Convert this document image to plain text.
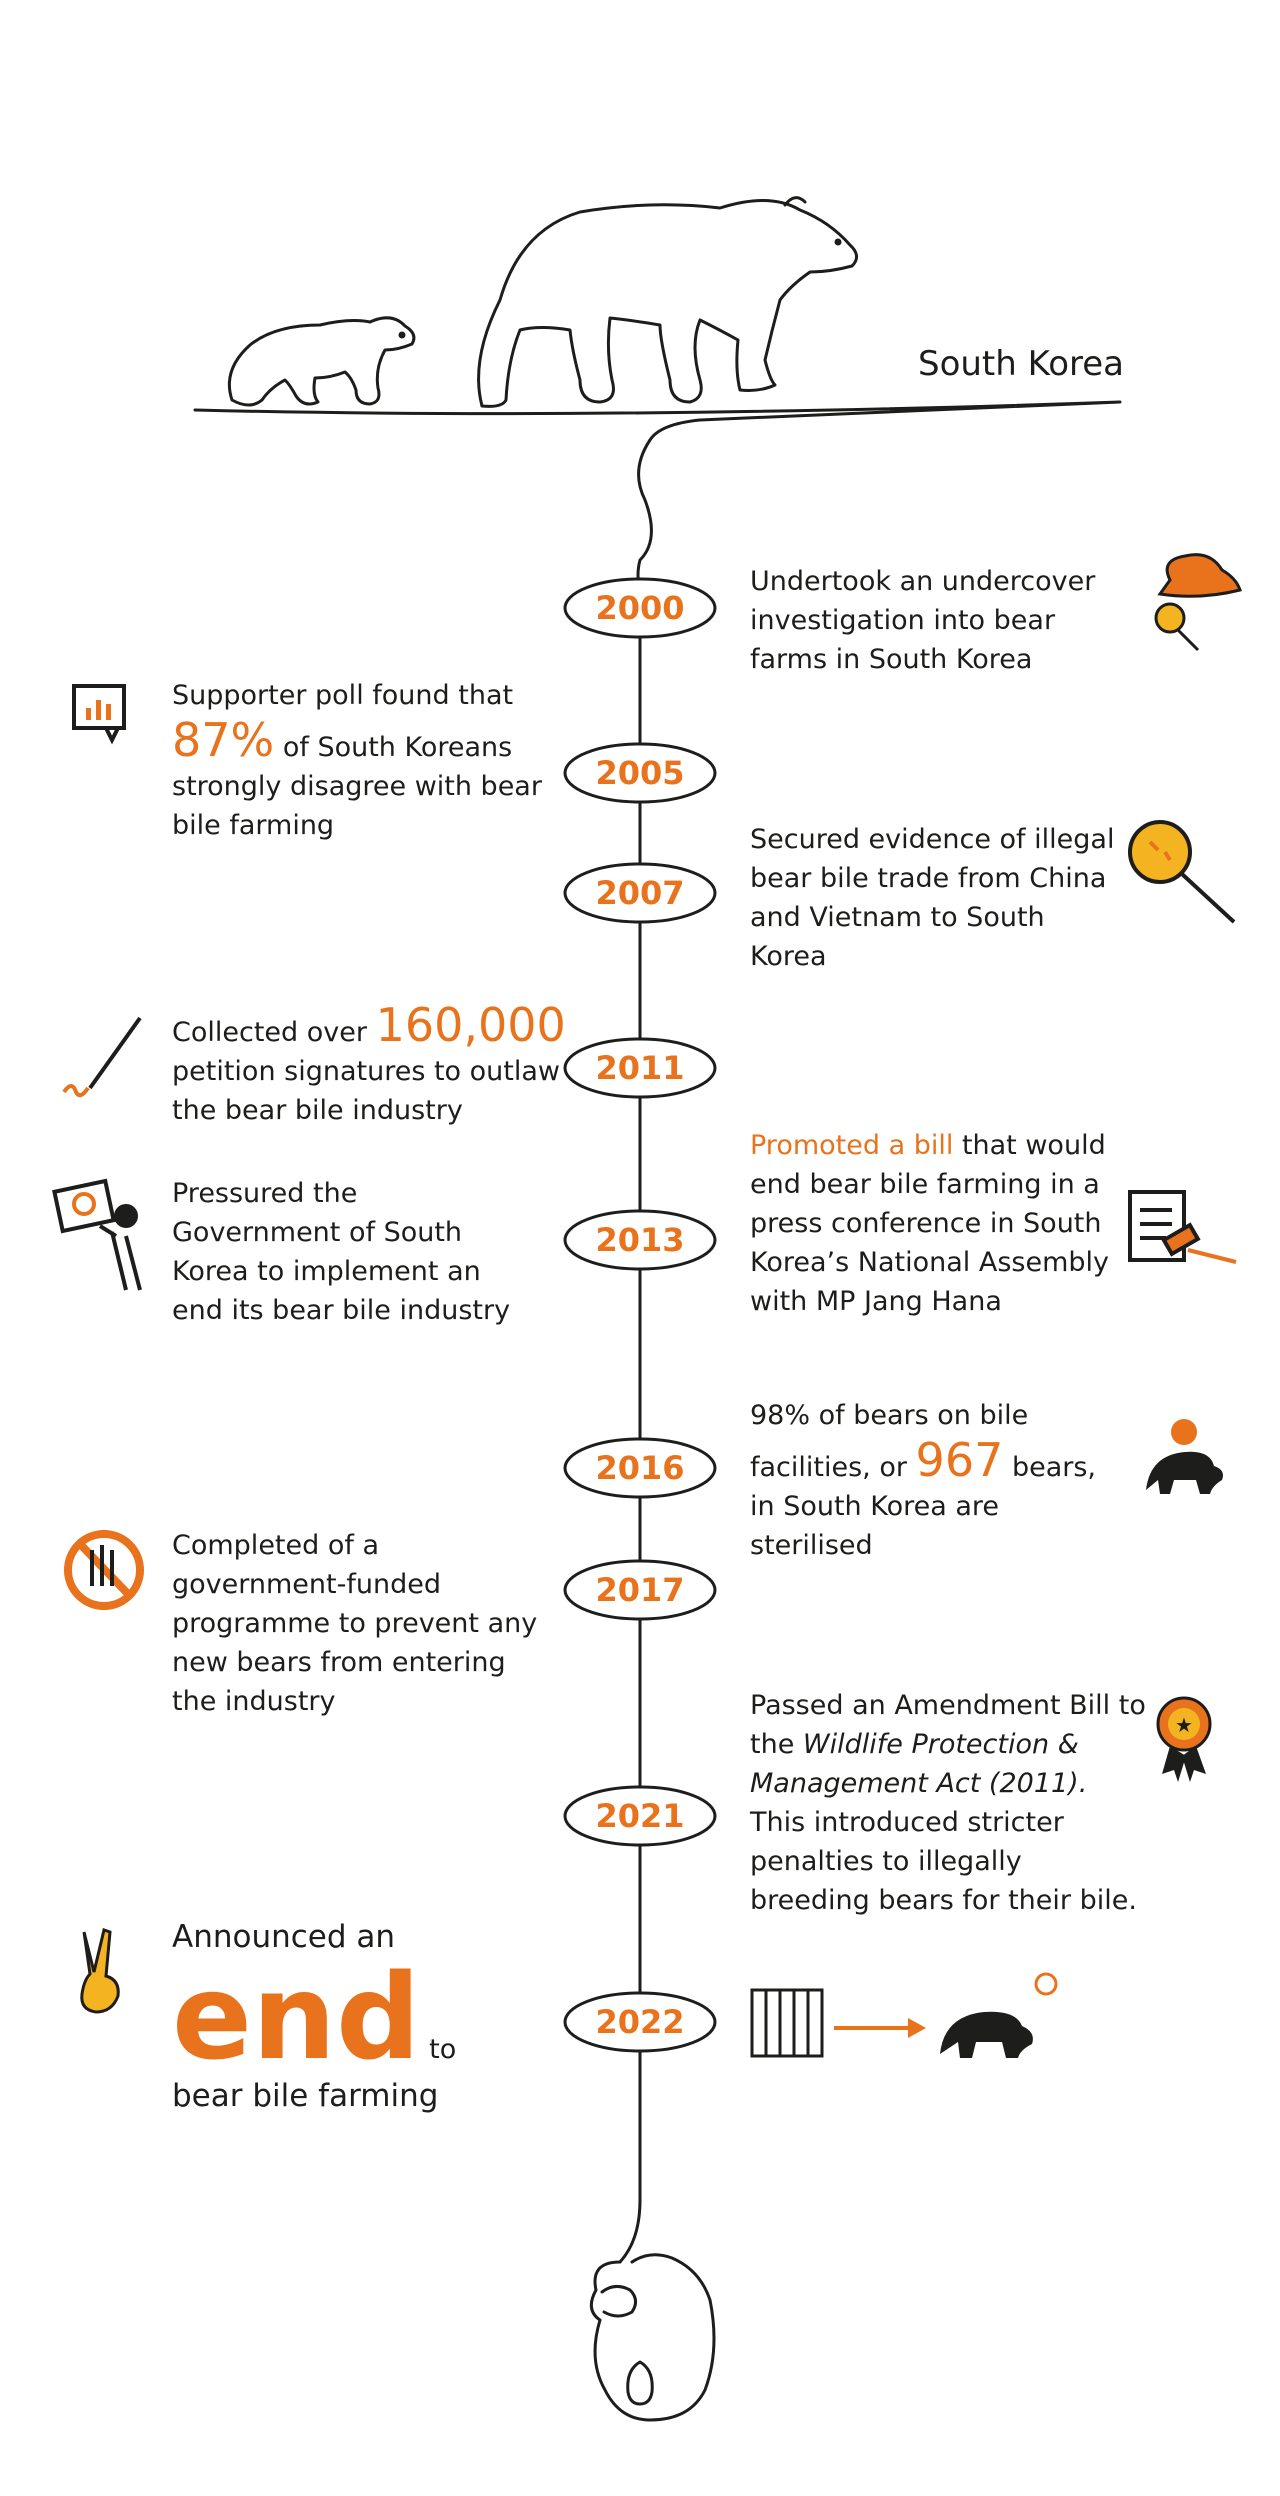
★
South Korea
2000
2005
2007
2011
2013
2016
2017
2021
2022
Undertook an undercover investigation into bear farms in South Korea

Supporter poll found that

87% of South Koreans strongly disagree with bear bile farming	Secured evidence of illegal bear bile trade from China and Vietnam to South Korea
Collected over 160,000 petition signatures to outlaw the bear bile industry
Pressured the Government of South Korea to implement an end its bear bile industry
Promoted a bill that would end bear bile farming in a press conference in South Korea’s National Assembly with MP Jang Hana
98% of bears on bile facilities, or 967 bears, in South Korea are sterilised
Completed of a government-funded programme to prevent any new bears from entering the industry	Passed an Amendment Bill to the Wildlife Protection & Management Act (2011). This introduced stricter penalties to illegally breeding bears for their bile.

Announced an

end to

bear bile farming
